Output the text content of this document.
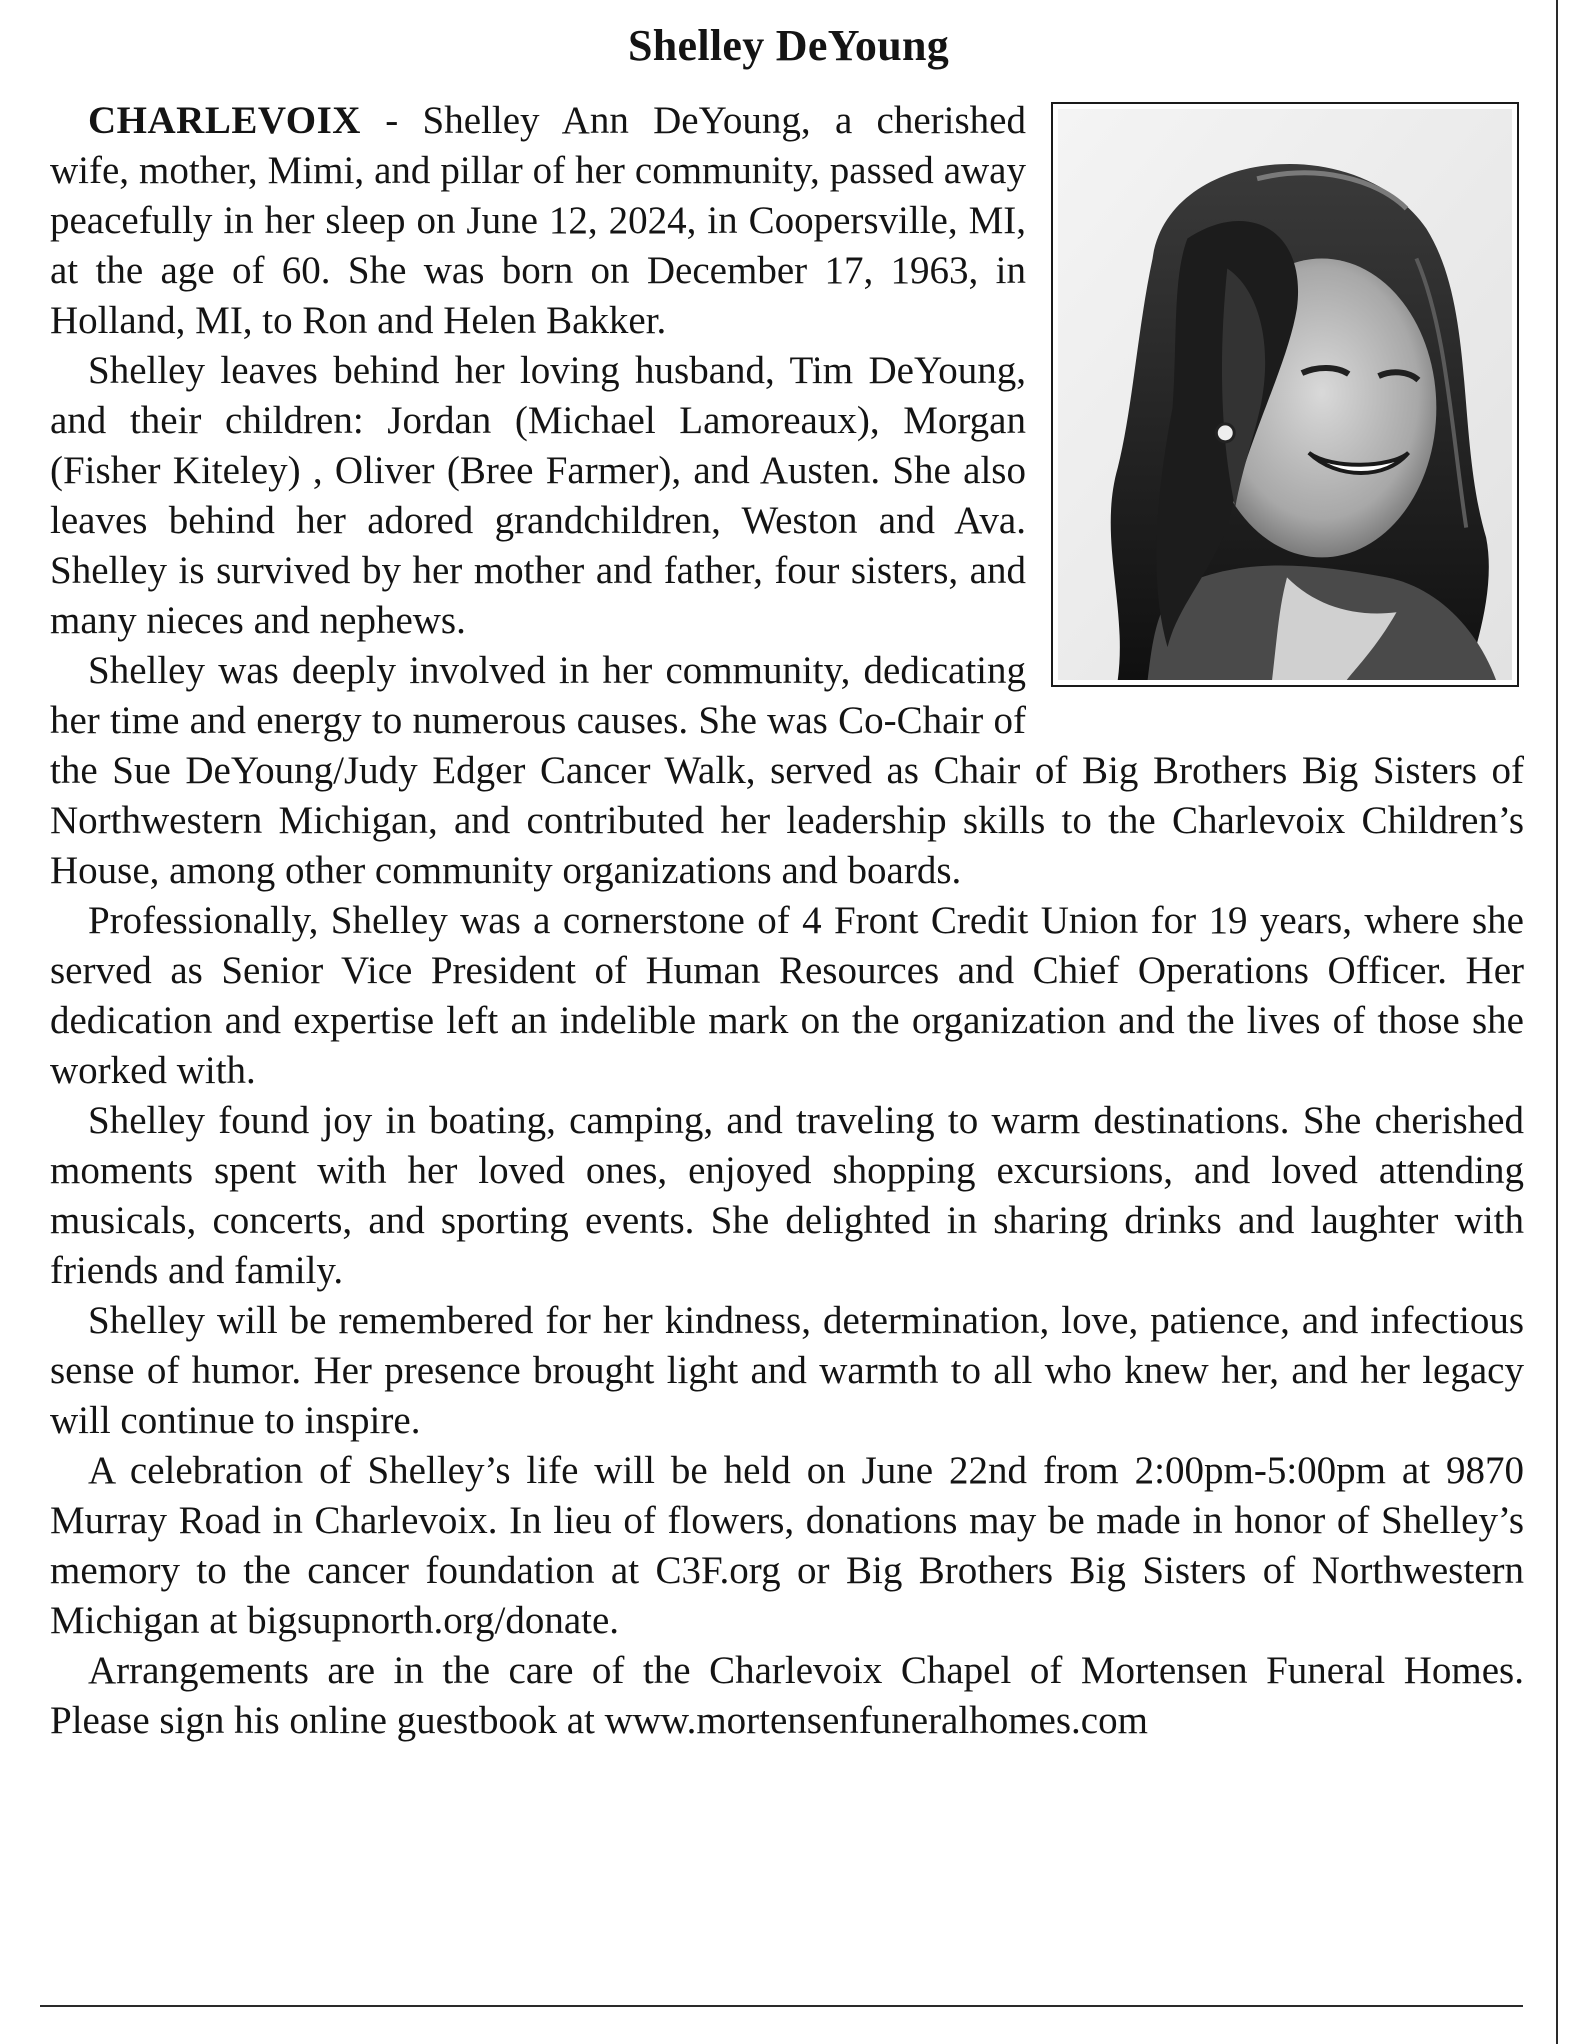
Shelley DeYoung

CHARLEVOIX - Shelley Ann DeYoung, a cherished wife, mother, Mimi, and pillar of her community, passed away peacefully in her sleep on June 12, 2024, in Coopersville, MI, at the age of 60. She was born on December 17, 1963, in Holland, MI, to Ron and Helen Bakker.

Shelley leaves behind her loving husband, Tim DeYoung, and their children: Jordan (Michael Lamoreaux), Morgan (Fisher Kiteley) , Oliver (Bree Farmer), and Austen. She also leaves behind her adored grandchildren, Weston and Ava. Shelley is survived by her mother and father, four sisters, and many nieces and nephews.

Shelley was deeply involved in her community, dedicating her time and energy to numerous causes. She was Co-Chair of the Sue DeYoung/Judy Edger Cancer Walk, served as Chair of Big Brothers Big Sisters of Northwestern Michigan, and contributed her leadership skills to the Charlevoix Children’s House, among other community organizations and boards.

Professionally, Shelley was a cornerstone of 4 Front Credit Union for 19 years, where she served as Senior Vice President of Human Resources and Chief Operations Officer. Her dedication and expertise left an indelible mark on the organization and the lives of those she worked with.

Shelley found joy in boating, camping, and traveling to warm destinations. She cherished moments spent with her loved ones, enjoyed shopping excursions, and loved attending musicals, concerts, and sporting events. She delighted in sharing drinks and laughter with friends and family.

Shelley will be remembered for her kindness, determination, love, patience, and infectious sense of humor. Her presence brought light and warmth to all who knew her, and her legacy will continue to inspire.

A celebration of Shelley’s life will be held on June 22nd from 2:00pm-5:00pm at 9870 Murray Road in Charlevoix. In lieu of flowers, donations may be made in honor of Shelley’s memory to the cancer foundation at C3F.org or Big Brothers Big Sisters of Northwestern Michigan at bigsupnorth.org/donate.

Arrangements are in the care of the Charlevoix Chapel of Mortensen Funeral Homes. Please sign his online guestbook at www.mortensenfuneralhomes.com
